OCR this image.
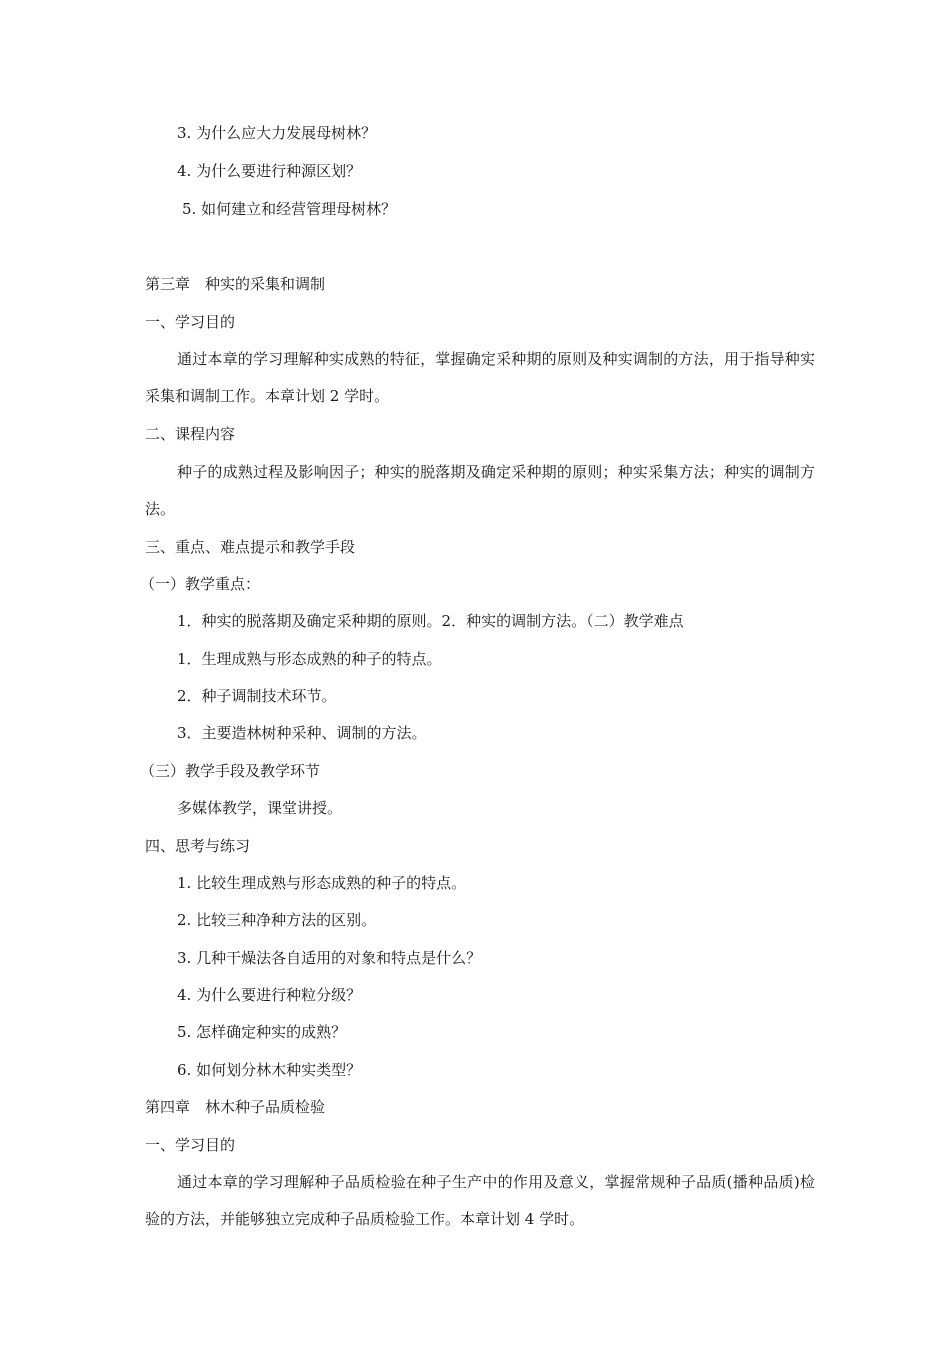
3. 为什么应大力发展母树林？
4. 为什么要进行种源区划？
5. 如何建立和经营管理母树林？
第三章　种实的采集和调制
一、学习目的
通过本章的学习理解种实成熟的特征，掌握确定采种期的原则及种实调制的方法，用于指导种实采集和调制工作。本章计划 2 学时。
二、课程内容
种子的成熟过程及影响因子；种实的脱落期及确定采种期的原则；种实采集方法；种实的调制方法。
三、重点、难点提示和教学手段
（一）教学重点：
1．种实的脱落期及确定采种期的原则。2．种实的调制方法。（二）教学难点
1．生理成熟与形态成熟的种子的特点。
2．种子调制技术环节。
3．主要造林树种采种、调制的方法。
（三）教学手段及教学环节
多媒体教学，课堂讲授。
四、思考与练习
1. 比较生理成熟与形态成熟的种子的特点。
2. 比较三种净种方法的区别。
3. 几种干燥法各自适用的对象和特点是什么？
4. 为什么要进行种粒分级？
5. 怎样确定种实的成熟？
6. 如何划分林木种实类型？
第四章　林木种子品质检验
一、学习目的
通过本章的学习理解种子品质检验在种子生产中的作用及意义，掌握常规种子品质(播种品质)检验的方法，并能够独立完成种子品质检验工作。本章计划 4 学时。
